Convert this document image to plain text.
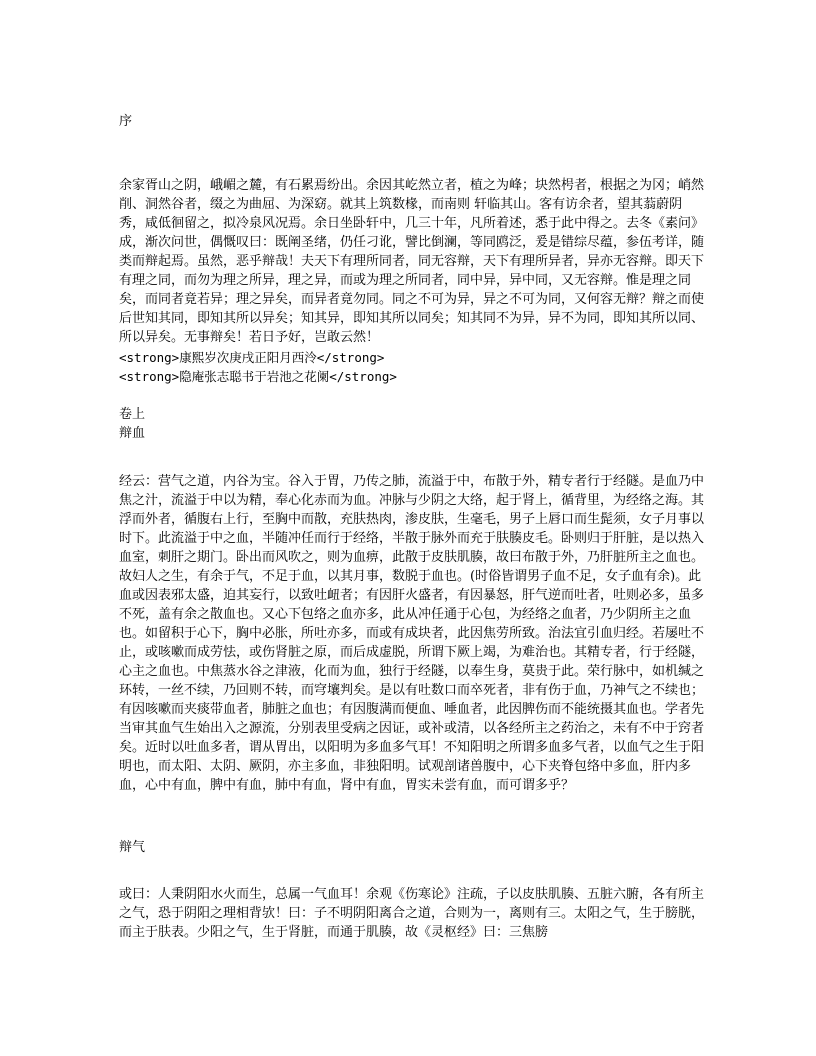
序

余家胥山之阴，峨嵋之麓，有石累焉纷出。余因其屹然立者，植之为峰；块然枵者，根据之为冈；峭然削、洞然谷者，缀之为曲屈、为深窈。就其上筑数椽，而南则 轩临其山。客有访余者，望其蓊蔚阴秀，咸低徊留之，拟冷泉风况焉。余日坐卧轩中，几三十年，凡所着述，悉于此中得之。去冬《素问》成，渐次问世，偶慨叹曰：既阐圣绪，仍任刁讹，譬比倒澜，等同鸥泛，爰是错综尽蕴，参伍考详，随类而辩起焉。虽然，恶乎辩哉！夫天下有理所同者，同无容辩，天下有理所异者，异亦无容辩。即天下有理之同，而勿为理之所异，理之异，而或为理之所同者，同中异，异中同，又无容辩。惟是理之同矣，而同者竟若异；理之异矣，而异者竟勿同。同之不可为异，异之不可为同，又何容无辩？辩之而使后世知其同，即知其所以异矣；知其异，即知其所以同矣；知其同不为异，异不为同，即知其所以同、所以异矣。无事辩矣！若日予好，岂敢云然！

<strong>康熙岁次庚戌正阳月西泠</strong>

<strong>隐庵张志聪书于岩池之花阑</strong>

卷上

辩血

经云：营气之道，内谷为宝。谷入于胃，乃传之肺，流溢于中，布散于外，精专者行于经隧。是血乃中焦之汁，流溢于中以为精，奉心化赤而为血。冲脉与少阴之大络，起于肾上，循背里，为经络之海。其浮而外者，循腹右上行，至胸中而散，充肤热肉，渗皮肤，生毫毛，男子上唇口而生髭须，女子月事以时下。此流溢于中之血，半随冲任而行于经络，半散于脉外而充于肤腠皮毛。卧则归于肝脏，是以热入血室，刺肝之期门。卧出而风吹之，则为血痹，此散于皮肤肌腠，故曰布散于外，乃肝脏所主之血也。故妇人之生，有余于气，不足于血，以其月事，数脱于血也。(时俗皆谓男子血不足，女子血有余)。此血或因表邪太盛，迫其妄行，以致吐衄者；有因肝火盛者，有因暴怒，肝气逆而吐者，吐则必多，虽多不死，盖有余之散血也。又心下包络之血亦多，此从冲任通于心包，为经络之血者，乃少阴所主之血也。如留积于心下，胸中必胀，所吐亦多，而或有成块者，此因焦劳所致。治法宜引血归经。若屡吐不止，或咳嗽而成劳怯，或伤肾脏之原，而后成虚脱，所谓下厥上竭，为难治也。其精专者，行于经隧，心主之血也。中焦蒸水谷之津液，化而为血，独行于经隧，以奉生身，莫贵于此。荣行脉中，如机缄之环转，一丝不续，乃回则不转，而穹壤判矣。是以有吐数口而卒死者，非有伤于血，乃神气之不续也；有因咳嗽而夹痰带血者，肺脏之血也；有因腹满而便血、唾血者，此因脾伤而不能统摄其血也。学者先当审其血气生始出入之源流，分别表里受病之因证，或补或清，以各经所主之药治之，未有不中于窍者矣。近时以吐血多者，谓从胃出，以阳明为多血多气耳！不知阳明之所谓多血多气者，以血气之生于阳明也，而太阳、太阴、厥阴，亦主多血，非独阳明。试观剖诸兽腹中，心下夹脊包络中多血，肝内多血，心中有血，脾中有血，肺中有血，肾中有血，胃实未尝有血，而可谓多乎？

辩气

或曰：人秉阴阳水火而生，总属一气血耳！余观《伤寒论》注疏，子以皮肤肌腠、五脏六腑，各有所主之气，恐于阴阳之理相背欤！曰：子不明阴阳离合之道，合则为一，离则有三。太阳之气，生于膀胱，而主于肤表。少阳之气，生于肾脏，而通于肌腠，故《灵枢经》曰：三焦膀
